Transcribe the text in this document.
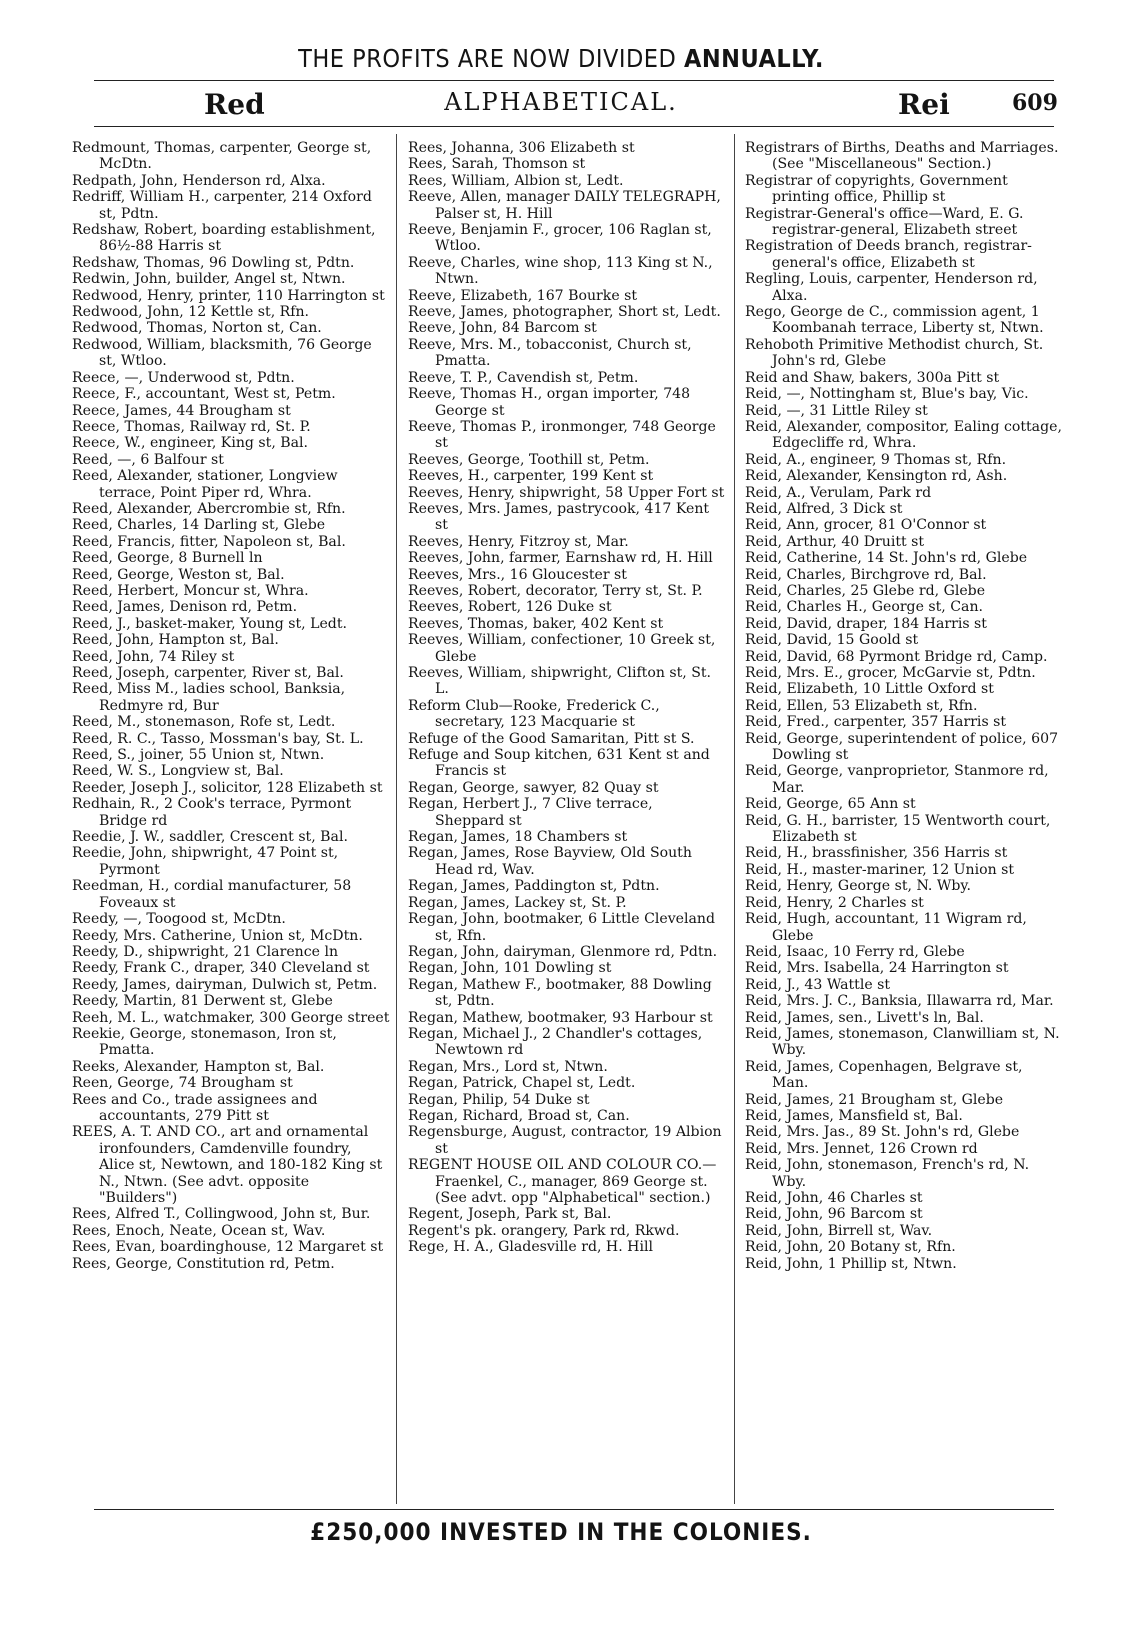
THE PROFITS ARE NOW DIVIDED ANNUALLY.
Red	ALPHABETICAL.	Rei	609

Redmount, Thomas, carpenter, George st, McDtn.

Redpath, John, Henderson rd, Alxa.

Redriff, William H., carpenter, 214 Oxford st, Pdtn.

Redshaw, Robert, boarding establishment, 86½-88 Harris st

Redshaw, Thomas, 96 Dowling st, Pdtn.

Redwin, John, builder, Angel st, Ntwn.

Redwood, Henry, printer, 110 Harrington st

Redwood, John, 12 Kettle st, Rfn.

Redwood, Thomas, Norton st, Can.

Redwood, William, blacksmith, 76 George st, Wtloo.

Reece, —, Underwood st, Pdtn.

Reece, F., accountant, West st, Petm.

Reece, James, 44 Brougham st

Reece, Thomas, Railway rd, St. P.

Reece, W., engineer, King st, Bal.

Reed, —, 6 Balfour st

Reed, Alexander, stationer, Longview terrace, Point Piper rd, Whra.

Reed, Alexander, Abercrombie st, Rfn.

Reed, Charles, 14 Darling st, Glebe

Reed, Francis, fitter, Napoleon st, Bal.

Reed, George, 8 Burnell ln

Reed, George, Weston st, Bal.

Reed, Herbert, Moncur st, Whra.

Reed, James, Denison rd, Petm.

Reed, J., basket-maker, Young st, Ledt.

Reed, John, Hampton st, Bal.

Reed, John, 74 Riley st

Reed, Joseph, carpenter, River st, Bal.

Reed, Miss M., ladies school, Banksia, Redmyre rd, Bur

Reed, M., stonemason, Rofe st, Ledt.

Reed, R. C., Tasso, Mossman's bay, St. L.

Reed, S., joiner, 55 Union st, Ntwn.

Reed, W. S., Longview st, Bal.

Reeder, Joseph J., solicitor, 128 Elizabeth st

Redhain, R., 2 Cook's terrace, Pyrmont Bridge rd

Reedie, J. W., saddler, Crescent st, Bal.

Reedie, John, shipwright, 47 Point st, Pyrmont

Reedman, H., cordial manufacturer, 58 Foveaux st

Reedy, —, Toogood st, McDtn.

Reedy, Mrs. Catherine, Union st, McDtn.

Reedy, D., shipwright, 21 Clarence ln

Reedy, Frank C., draper, 340 Cleveland st

Reedy, James, dairyman, Dulwich st, Petm.

Reedy, Martin, 81 Derwent st, Glebe

Reeh, M. L., watchmaker, 300 George street

Reekie, George, stonemason, Iron st, Pmatta.

Reeks, Alexander, Hampton st, Bal.

Reen, George, 74 Brougham st

Rees and Co., trade assignees and accountants, 279 Pitt st

REES, A. T. AND CO., art and ornamental ironfounders, Camdenville foundry, Alice st, Newtown, and 180-182 King st N., Ntwn. (See advt. opposite "Builders")

Rees, Alfred T., Collingwood, John st, Bur.

Rees, Enoch, Neate, Ocean st, Wav.

Rees, Evan, boardinghouse, 12 Margaret st

Rees, George, Constitution rd, Petm.

Rees, Johanna, 306 Elizabeth st

Rees, Sarah, Thomson st

Rees, William, Albion st, Ledt.

Reeve, Allen, manager DAILY TELEGRAPH, Palser st, H. Hill

Reeve, Benjamin F., grocer, 106 Raglan st, Wtloo.

Reeve, Charles, wine shop, 113 King st N., Ntwn.

Reeve, Elizabeth, 167 Bourke st

Reeve, James, photographer, Short st, Ledt.

Reeve, John, 84 Barcom st

Reeve, Mrs. M., tobacconist, Church st, Pmatta.

Reeve, T. P., Cavendish st, Petm.

Reeve, Thomas H., organ importer, 748 George st

Reeve, Thomas P., ironmonger, 748 George st

Reeves, George, Toothill st, Petm.

Reeves, H., carpenter, 199 Kent st

Reeves, Henry, shipwright, 58 Upper Fort st

Reeves, Mrs. James, pastrycook, 417 Kent st

Reeves, Henry, Fitzroy st, Mar.

Reeves, John, farmer, Earnshaw rd, H. Hill

Reeves, Mrs., 16 Gloucester st

Reeves, Robert, decorator, Terry st, St. P.

Reeves, Robert, 126 Duke st

Reeves, Thomas, baker, 402 Kent st

Reeves, William, confectioner, 10 Greek st, Glebe

Reeves, William, shipwright, Clifton st, St. L.

Reform Club—Rooke, Frederick C., secretary, 123 Macquarie st

Refuge of the Good Samaritan, Pitt st S.

Refuge and Soup kitchen, 631 Kent st and Francis st

Regan, George, sawyer, 82 Quay st

Regan, Herbert J., 7 Clive terrace, Sheppard st

Regan, James, 18 Chambers st

Regan, James, Rose Bayview, Old South Head rd, Wav.

Regan, James, Paddington st, Pdtn.

Regan, James, Lackey st, St. P.

Regan, John, bootmaker, 6 Little Cleveland st, Rfn.

Regan, John, dairyman, Glenmore rd, Pdtn.

Regan, John, 101 Dowling st

Regan, Mathew F., bootmaker, 88 Dowling st, Pdtn.

Regan, Mathew, bootmaker, 93 Harbour st

Regan, Michael J., 2 Chandler's cottages, Newtown rd

Regan, Mrs., Lord st, Ntwn.

Regan, Patrick, Chapel st, Ledt.

Regan, Philip, 54 Duke st

Regan, Richard, Broad st, Can.

Regensburge, August, contractor, 19 Albion st

REGENT HOUSE OIL AND COLOUR CO.—Fraenkel, C., manager, 869 George st. (See advt. opp "Alphabetical" section.)

Regent, Joseph, Park st, Bal.

Regent's pk. orangery, Park rd, Rkwd.

Rege, H. A., Gladesville rd, H. Hill

Registrars of Births, Deaths and Marriages. (See "Miscellaneous" Section.)

Registrar of copyrights, Government printing office, Phillip st

Registrar-General's office—Ward, E. G. registrar-general, Elizabeth street

Registration of Deeds branch, registrar-general's office, Elizabeth st

Regling, Louis, carpenter, Henderson rd, Alxa.

Rego, George de C., commission agent, 1 Koombanah terrace, Liberty st, Ntwn.

Rehoboth Primitive Methodist church, St. John's rd, Glebe

Reid and Shaw, bakers, 300a Pitt st

Reid, —, Nottingham st, Blue's bay, Vic.

Reid, —, 31 Little Riley st

Reid, Alexander, compositor, Ealing cottage, Edgecliffe rd, Whra.

Reid, A., engineer, 9 Thomas st, Rfn.

Reid, Alexander, Kensington rd, Ash.

Reid, A., Verulam, Park rd

Reid, Alfred, 3 Dick st

Reid, Ann, grocer, 81 O'Connor st

Reid, Arthur, 40 Druitt st

Reid, Catherine, 14 St. John's rd, Glebe

Reid, Charles, Birchgrove rd, Bal.

Reid, Charles, 25 Glebe rd, Glebe

Reid, Charles H., George st, Can.

Reid, David, draper, 184 Harris st

Reid, David, 15 Goold st

Reid, David, 68 Pyrmont Bridge rd, Camp.

Reid, Mrs. E., grocer, McGarvie st, Pdtn.

Reid, Elizabeth, 10 Little Oxford st

Reid, Ellen, 53 Elizabeth st, Rfn.

Reid, Fred., carpenter, 357 Harris st

Reid, George, superintendent of police, 607 Dowling st

Reid, George, vanproprietor, Stanmore rd, Mar.

Reid, George, 65 Ann st

Reid, G. H., barrister, 15 Wentworth court, Elizabeth st

Reid, H., brassfinisher, 356 Harris st

Reid, H., master-mariner, 12 Union st

Reid, Henry, George st, N. Wby.

Reid, Henry, 2 Charles st

Reid, Hugh, accountant, 11 Wigram rd, Glebe

Reid, Isaac, 10 Ferry rd, Glebe

Reid, Mrs. Isabella, 24 Harrington st

Reid, J., 43 Wattle st

Reid, Mrs. J. C., Banksia, Illawarra rd, Mar.

Reid, James, sen., Livett's ln, Bal.

Reid, James, stonemason, Clanwilliam st, N. Wby.

Reid, James, Copenhagen, Belgrave st, Man.

Reid, James, 21 Brougham st, Glebe

Reid, James, Mansfield st, Bal.

Reid, Mrs. Jas., 89 St. John's rd, Glebe

Reid, Mrs. Jennet, 126 Crown rd

Reid, John, stonemason, French's rd, N. Wby.

Reid, John, 46 Charles st

Reid, John, 96 Barcom st

Reid, John, Birrell st, Wav.

Reid, John, 20 Botany st, Rfn.

Reid, John, 1 Phillip st, Ntwn.

£250,000 INVESTED IN THE COLONIES.
